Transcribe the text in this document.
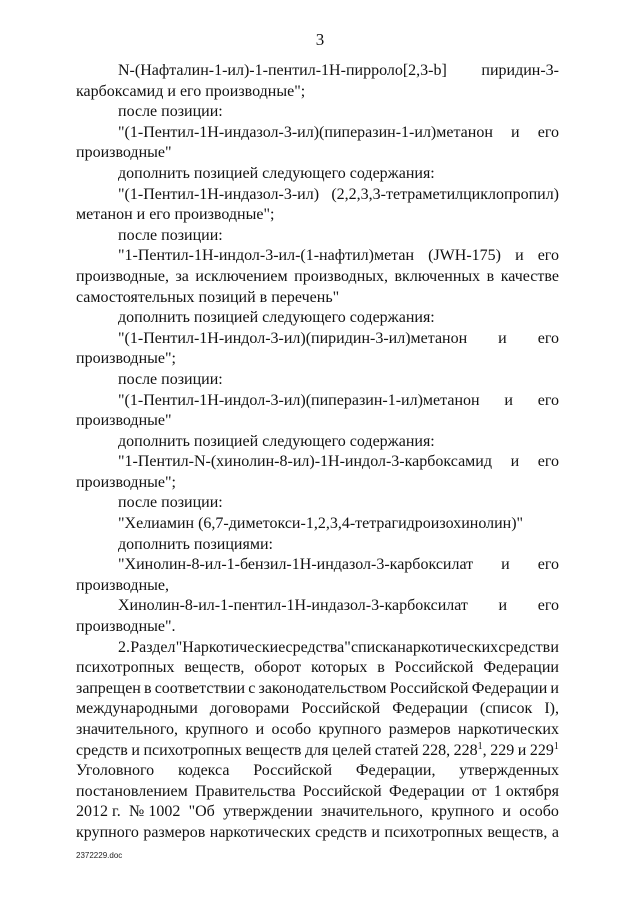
3
N-(Нафталин-1-ил)-1-пентил-1Н-пирроло[2,3-b] пиридин-3-
карбоксамид и его производные";
после позиции:
"(1-Пентил-1Н-индазол-3-ил)(пиперазин-1-ил)метанон и его
производные"
дополнить позицией следующего содержания:
"(1-Пентил-1Н-индазол-3-ил) (2,2,3,3-тетраметилциклопропил)
метанон и его производные";
после позиции:
"1-Пентил-1Н-индол-3-ил-(1-нафтил)метан (JWH-175) и его
производные, за исключением производных, включенных в качестве
самостоятельных позиций в перечень"
дополнить позицией следующего содержания:
"(1-Пентил-1Н-индол-3-ил)(пиридин-3-ил)метанон и его
производные";
после позиции:
"(1-Пентил-1Н-индол-3-ил)(пиперазин-1-ил)метанон и его
производные"
дополнить позицией следующего содержания:
"1-Пентил-N-(хинолин-8-ил)-1Н-индол-3-карбоксамид и его
производные";
после позиции:
"Хелиамин (6,7-диметокси-1,2,3,4-тетрагидроизохинолин)"
дополнить позициями:
"Хинолин-8-ил-1-бензил-1Н-индазол-3-карбоксилат и его
производные,
Хинолин-8-ил-1-пентил-1Н-индазол-3-карбоксилат и его
производные".
2. Раздел "Наркотические средства" списка наркотических средств и
психотропных веществ, оборот которых в Российской Федерации
запрещен в соответствии с законодательством Российской Федерации и
международными договорами Российской Федерации (список I),
значительного, крупного и особо крупного размеров наркотических
средств и психотропных веществ для целей статей 228, $228^1$, 229 и $229^1$
Уголовного кодекса Российской Федерации, утвержденных
постановлением Правительства Российской Федерации от 1 октября
2012 г. № 1002 "Об утверждении значительного, крупного и особо
крупного размеров наркотических средств и психотропных веществ, а
2372229.doc
